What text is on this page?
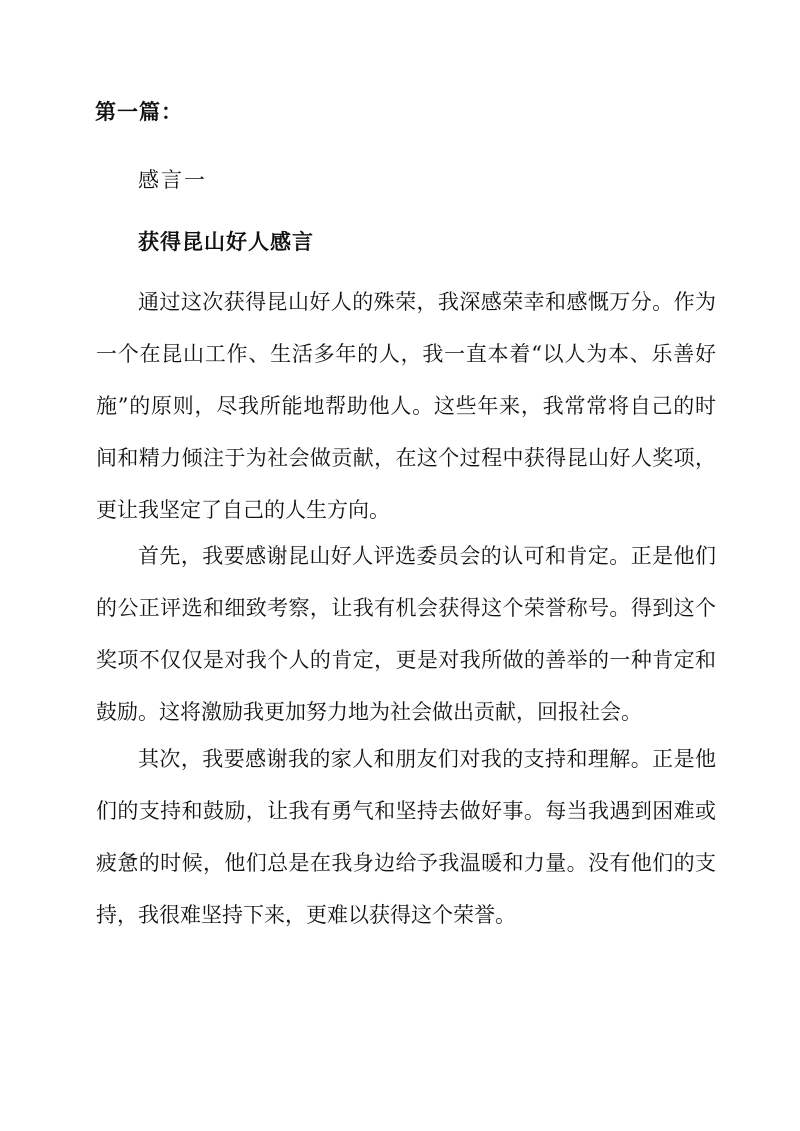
第一篇：
感言一
获得昆山好人感言
通过这次获得昆山好人的殊荣，我深感荣幸和感慨万分。作为
一个在昆山工作、生活多年的人，我一直本着“以人为本、乐善好
施”的原则，尽我所能地帮助他人。这些年来，我常常将自己的时
间和精力倾注于为社会做贡献，在这个过程中获得昆山好人奖项，
更让我坚定了自己的人生方向。
首先，我要感谢昆山好人评选委员会的认可和肯定。正是他们
的公正评选和细致考察，让我有机会获得这个荣誉称号。得到这个
奖项不仅仅是对我个人的肯定，更是对我所做的善举的一种肯定和
鼓励。这将激励我更加努力地为社会做出贡献，回报社会。
其次，我要感谢我的家人和朋友们对我的支持和理解。正是他
们的支持和鼓励，让我有勇气和坚持去做好事。每当我遇到困难或
疲惫的时候，他们总是在我身边给予我温暖和力量。没有他们的支
持，我很难坚持下来，更难以获得这个荣誉。
